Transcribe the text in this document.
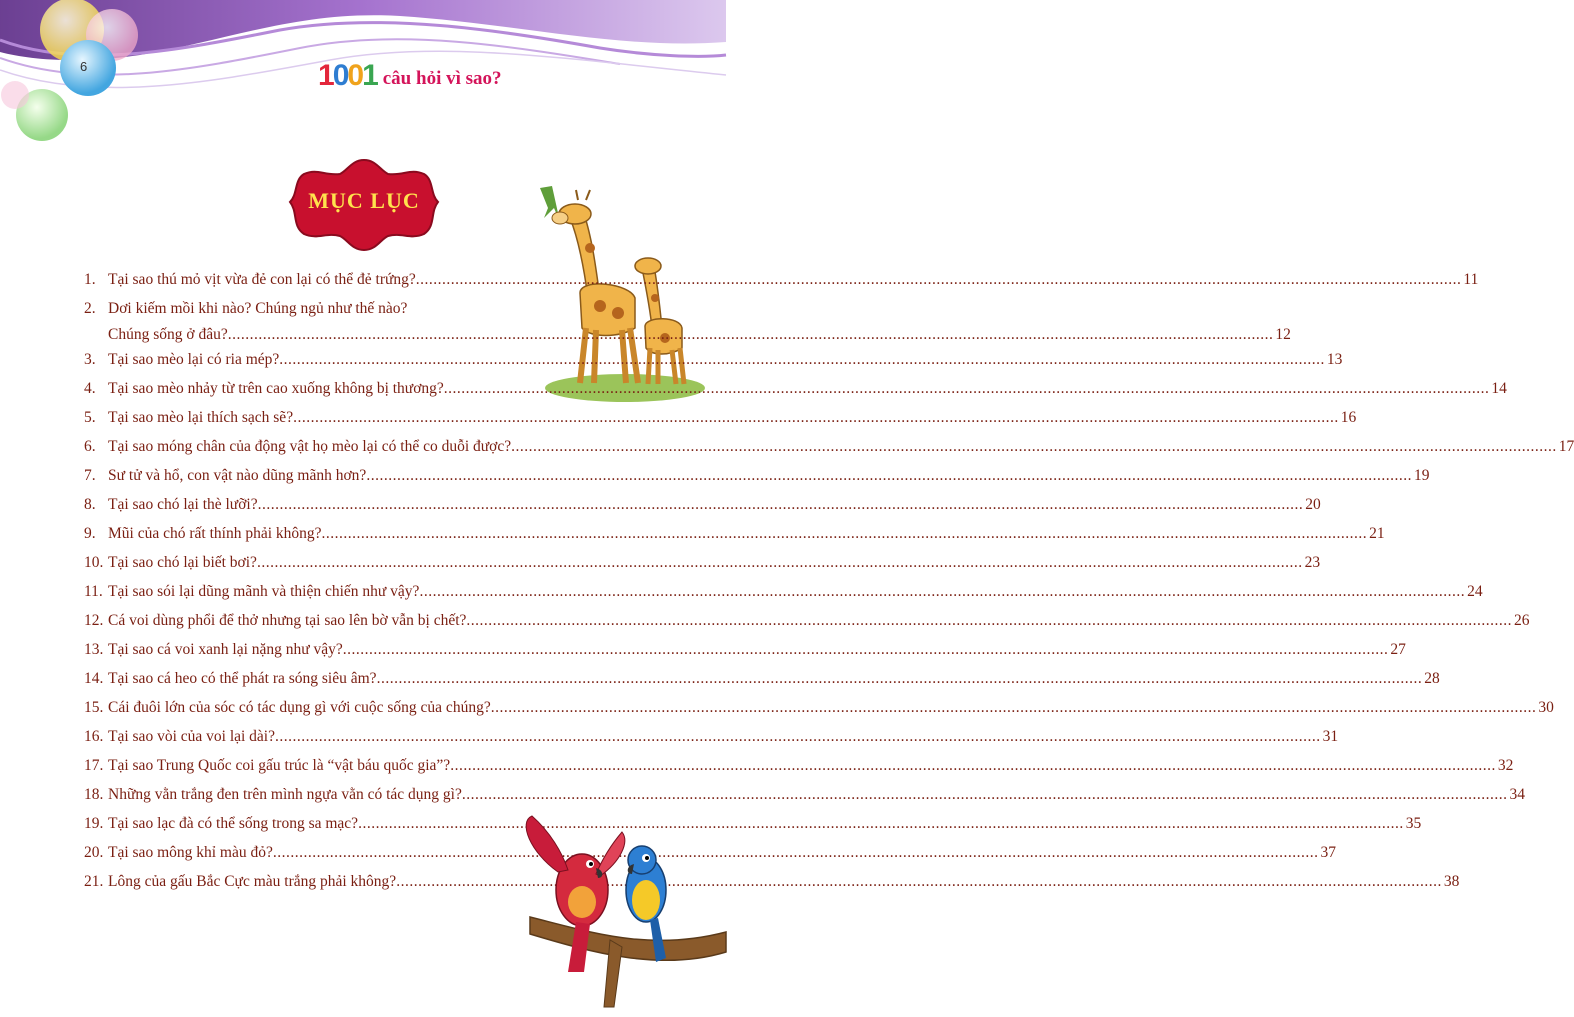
6	1001 câu hỏi vì sao?
MỤC LỤC
1. Tại sao thú mỏ vịt vừa đẻ con lại có thể đẻ trứng? .....	11
2. Dơi kiếm mồi khi nào? Chúng ngủ như thế nào?
Chúng sống ở đâu? .....	12
3. Tại sao mèo lại có ria mép? .....	13
4. Tại sao mèo nhảy từ trên cao xuống không bị thương? .....	14
5. Tại sao mèo lại thích sạch sẽ? .....	16
6. Tại sao móng chân của động vật họ mèo lại có thể co duỗi được? .....	17
7. Sư tử và hổ, con vật nào dũng mãnh hơn? .....	19
8. Tại sao chó lại thè lưỡi? .....	20
9. Mũi của chó rất thính phải không? .....	21
10. Tại sao chó lại biết bơi? .....	23
11. Tại sao sói lại dũng mãnh và thiện chiến như vậy? .....	24
12. Cá voi dùng phổi để thở nhưng tại sao lên bờ vẫn bị chết? .....	26
13. Tại sao cá voi xanh lại nặng như vậy? .....	27
14. Tại sao cá heo có thể phát ra sóng siêu âm? .....	28
15. Cái đuôi lớn của sóc có tác dụng gì với cuộc sống của chúng? .....	30
16. Tại sao vòi của voi lại dài? .....	31
17. Tại sao Trung Quốc coi gấu trúc là “vật báu quốc gia”? .....	32
18. Những vằn trắng đen trên mình ngựa vằn có tác dụng gì? .....	34
19. Tại sao lạc đà có thể sống trong sa mạc? .....	35
20. Tại sao mông khỉ màu đỏ? .....	37
21. Lông của gấu Bắc Cực màu trắng phải không? .....	38
